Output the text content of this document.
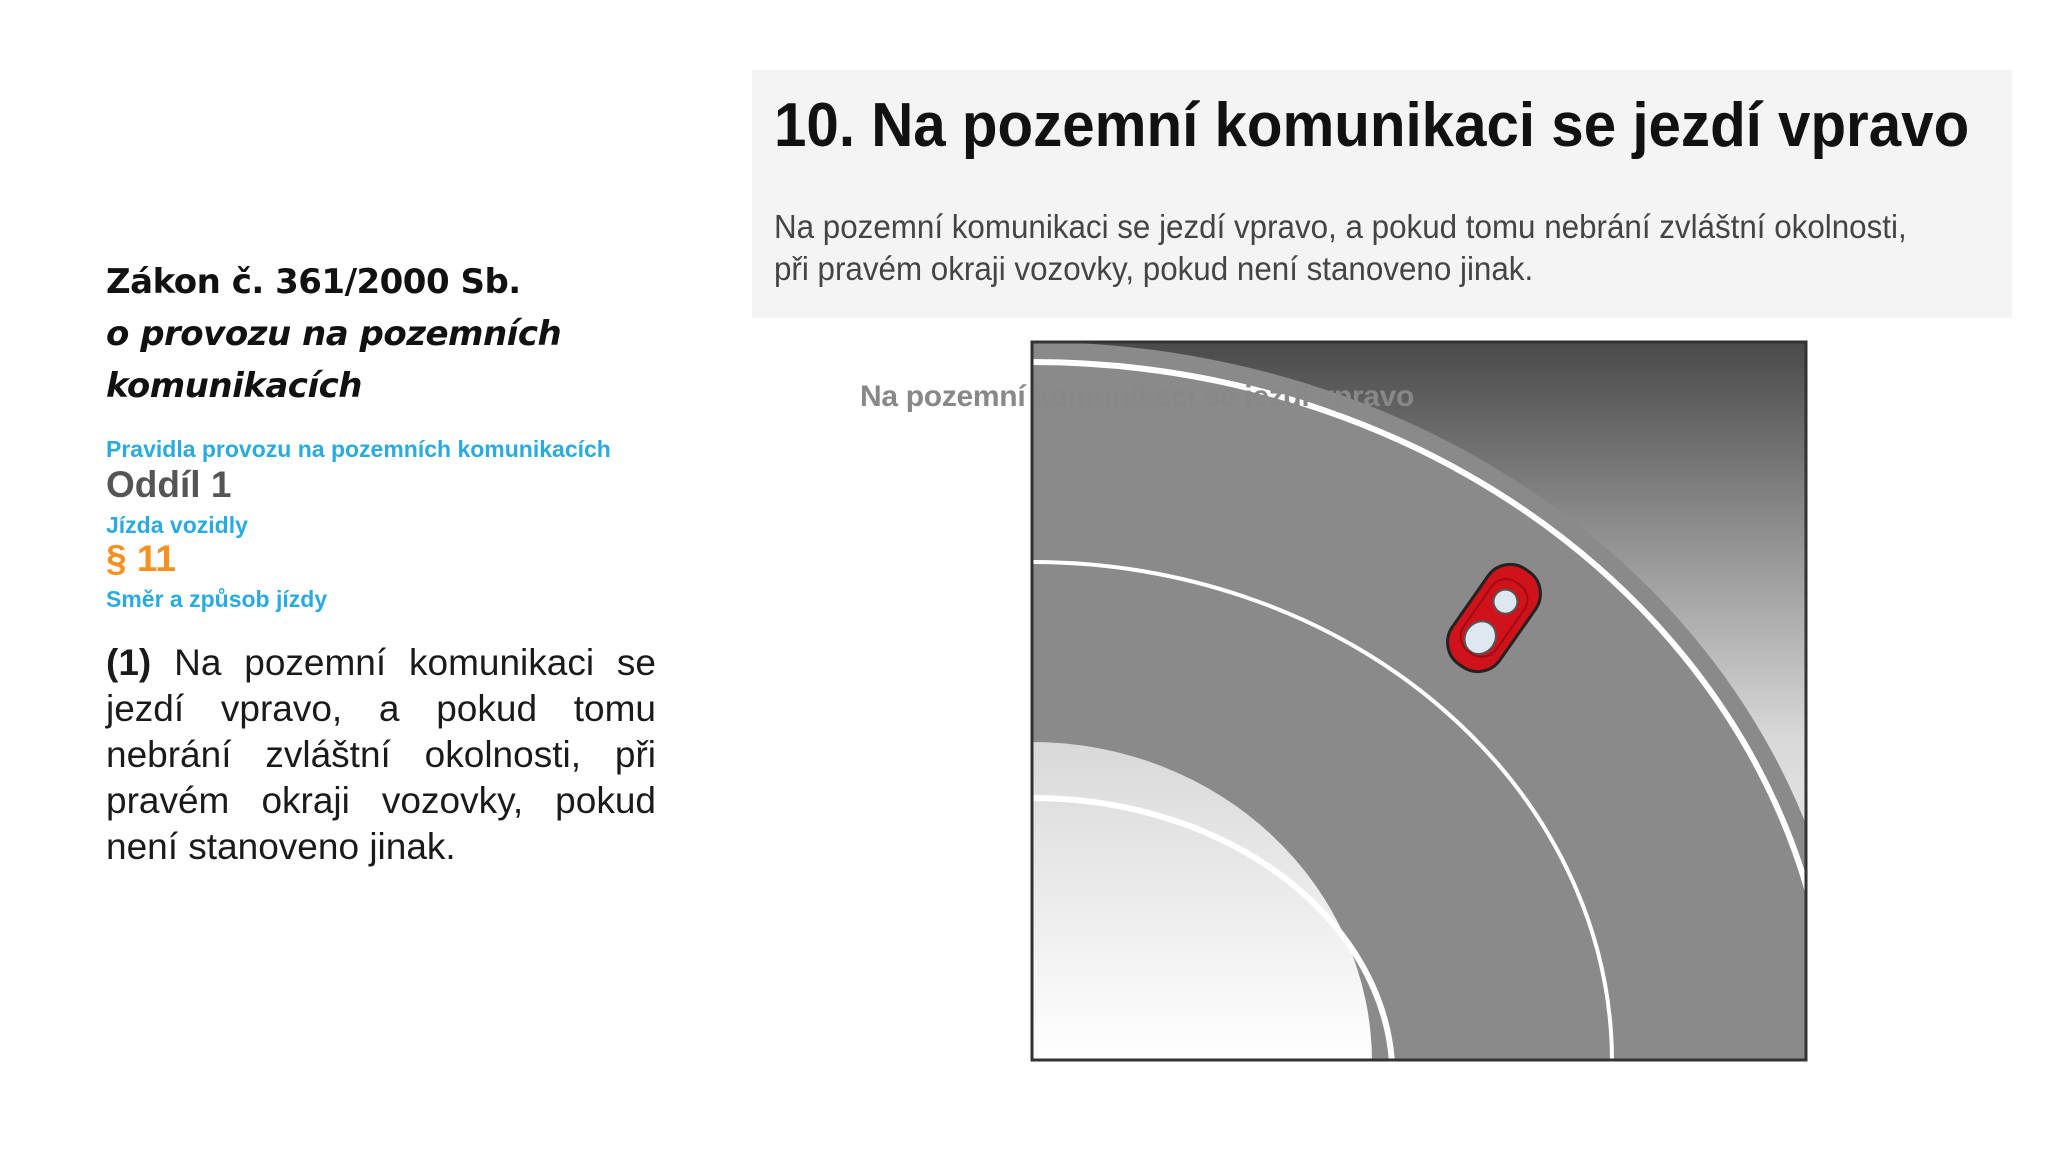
Zákon č. 361/2000 Sb.
o provozu na pozemních komunikacích
Pravidla provozu na pozemních komunikacích
Oddíl 1
Jízda vozidly
§ 11
Směr a způsob jízdy
(1) Na pozemní komunikaci se jezdí vpravo, a pokud tomu nebrání zvláštní okolnosti, při pravém okraji vozovky, pokud není stanoveno jinak.
10. Na pozemní komunikaci se jezdí vpravo
Na pozemní komunikaci se jezdí vpravo, a pokud tomu nebrání zvláštní okolnosti, při pravém okraji vozovky, pokud není stanoveno jinak.

Na pozemní komunikaci se jezdí vpravo
